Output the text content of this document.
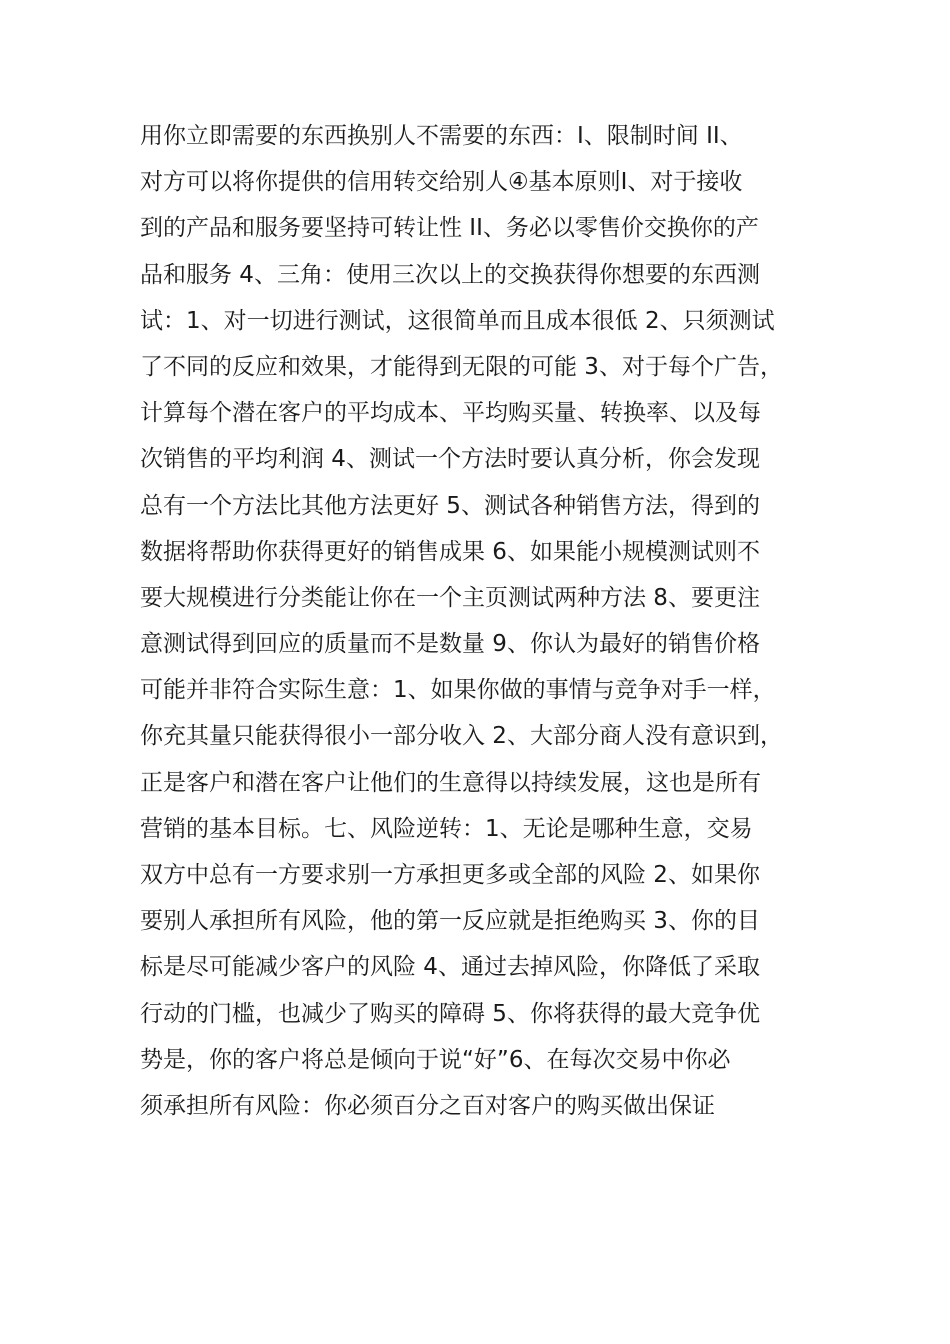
用你立即需要的东西换别人不需要的东西：Ⅰ、限制时间 II、
对方可以将你提供的信用转交给别人④基本原则Ⅰ、对于接收
到的产品和服务要坚持可转让性 II、务必以零售价交换你的产
品和服务 4、三角：使用三次以上的交换获得你想要的东西测
试：1、对一切进行测试，这很简单而且成本很低 2、只须测试
了不同的反应和效果，才能得到无限的可能 3、对于每个广告，
计算每个潜在客户的平均成本、平均购买量、转换率、以及每
次销售的平均利润 4、测试一个方法时要认真分析，你会发现
总有一个方法比其他方法更好 5、测试各种销售方法，得到的
数据将帮助你获得更好的销售成果 6、如果能小规模测试则不
要大规模进行分类能让你在一个主页测试两种方法 8、要更注
意测试得到回应的质量而不是数量 9、你认为最好的销售价格
可能并非符合实际生意：1、如果你做的事情与竞争对手一样，
你充其量只能获得很小一部分收入 2、大部分商人没有意识到，
正是客户和潜在客户让他们的生意得以持续发展，这也是所有
营销的基本目标。七、风险逆转：1、无论是哪种生意，交易
双方中总有一方要求别一方承担更多或全部的风险 2、如果你
要别人承担所有风险，他的第一反应就是拒绝购买 3、你的目
标是尽可能减少客户的风险 4、通过去掉风险，你降低了采取
行动的门槛，也减少了购买的障碍 5、你将获得的最大竞争优
势是，你的客户将总是倾向于说“好”6、在每次交易中你必
须承担所有风险：你必须百分之百对客户的购买做出保证
